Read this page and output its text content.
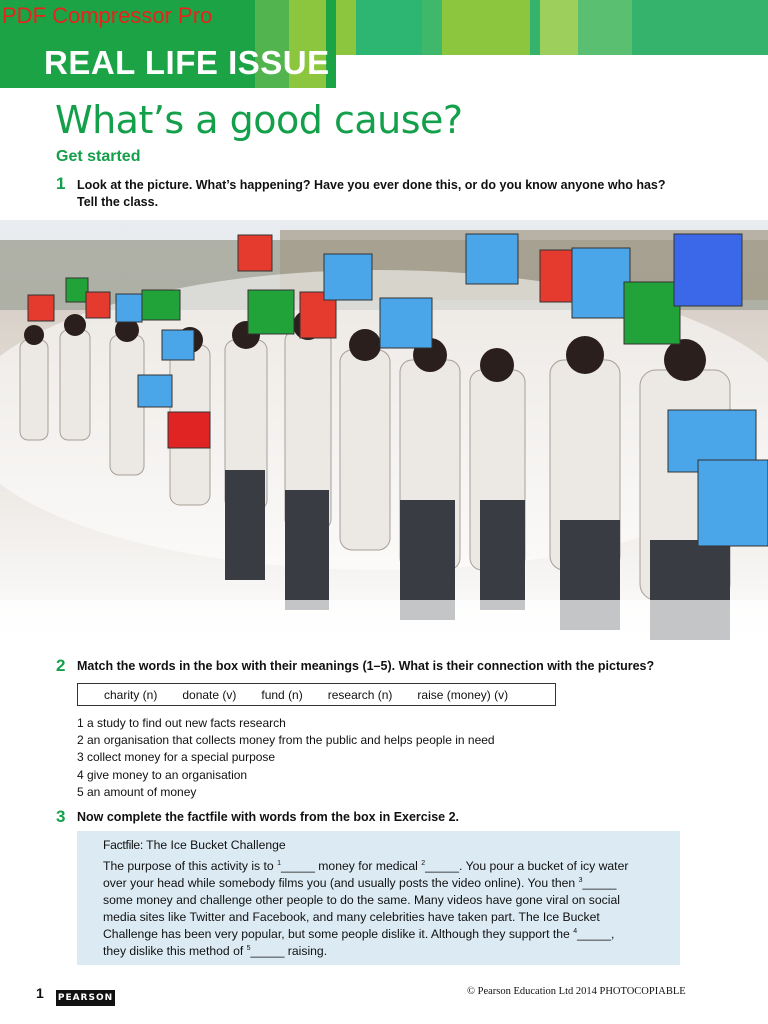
PDF Compressor Pro
REAL LIFE ISSUE
What’s a good cause?
Get started
1 Look at the picture. What’s happening? Have you ever done this, or do you know anyone who has?
Tell the class.
2 Match the words in the box with their meanings (1–5). What is their connection with the pictures?
charity (n) donate (v) fund (n) research (n) raise (money) (v)
1 a study to find out new facts research
2 an organisation that collects money from the public and helps people in need
3 collect money for a special purpose
4 give money to an organisation
5 an amount of money
3 Now complete the factfile with words from the box in Exercise 2.
Factfile: The Ice Bucket Challenge
The purpose of this activity is to $^1$_____ money for medical $^2$_____. You pour a bucket of icy water
over your head while somebody films you (and usually posts the video online). You then $^3$_____
some money and challenge other people to do the same. Many videos have gone viral on social
media sites like Twitter and Facebook, and many celebrities have taken part. The Ice Bucket
Challenge has been very popular, but some people dislike it. Although they support the $^4$_____,
they dislike this method of $^5$_____ raising.
1 PEARSON
© Pearson Education Ltd 2014 PHOTOCOPIABLE
